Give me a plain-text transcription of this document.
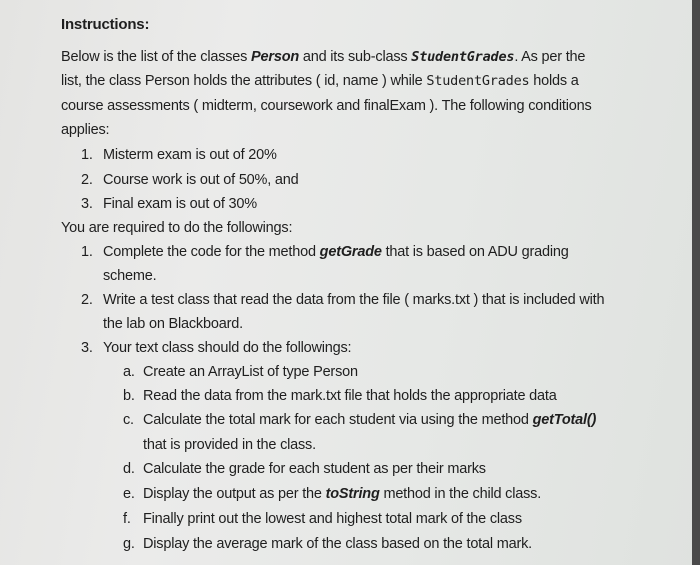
Instructions:
Below is the list of the classes Person and its sub-class StudentGrades. As per the
list, the class Person holds the attributes ( id, name ) while StudentGrades holds a
course assessments ( midterm, coursework and finalExam ). The following conditions
applies:
1. Misterm exam is out of 20%
2. Course work is out of 50%, and
3. Final exam is out of 30%
You are required to do the followings:
1. Complete the code for the method getGrade that is based on ADU grading
scheme.
2. Write a test class that read the data from the file ( marks.txt ) that is included with
the lab on Blackboard.
3. Your text class should do the followings:
a. Create an ArrayList of type Person
b. Read the data from the mark.txt file that holds the appropriate data
c. Calculate the total mark for each student via using the method getTotal()
that is provided in the class.
d. Calculate the grade for each student as per their marks
e. Display the output as per the toString method in the child class.
f. Finally print out the lowest and highest total mark of the class
g. Display the average mark of the class based on the total mark.
